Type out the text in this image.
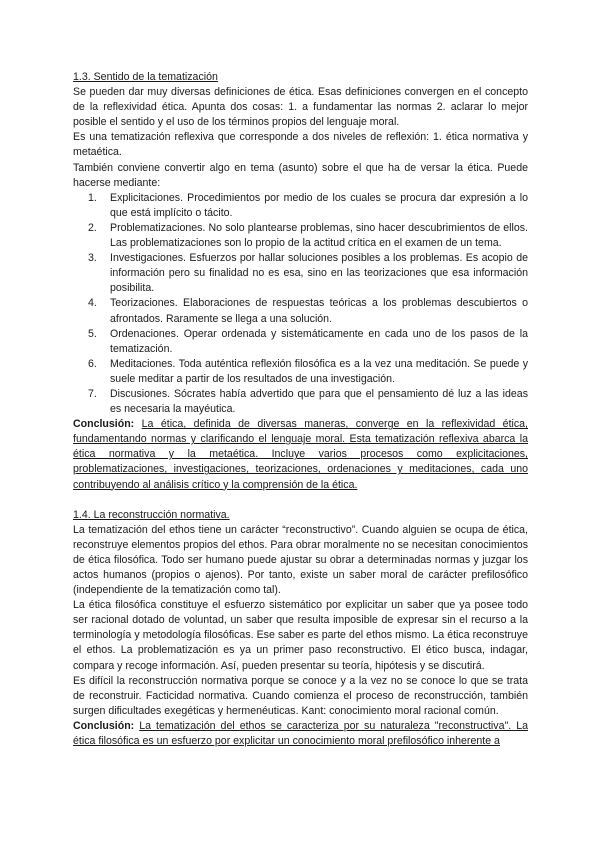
1.3. Sentido de la tematización

Se pueden dar muy diversas definiciones de ética. Esas definiciones convergen en el concepto de la reflexividad ética. Apunta dos cosas: 1. a fundamentar las normas 2. aclarar lo mejor posible el sentido y el uso de los términos propios del lenguaje moral.

Es una tematización reflexiva que corresponde a dos niveles de reflexión: 1. ética normativa y metaética.

También conviene convertir algo en tema (asunto) sobre el que ha de versar la ética. Puede hacerse mediante:

1. Explicitaciones. Procedimientos por medio de los cuales se procura dar expresión a lo que está implícito o tácito.
2. Problematizaciones. No solo plantearse problemas, sino hacer descubrimientos de ellos. Las problematizaciones son lo propio de la actitud crítica en el examen de un tema.
3. Investigaciones. Esfuerzos por hallar soluciones posibles a los problemas. Es acopio de información pero su finalidad no es esa, sino en las teorizaciones que esa información posibilita.
4. Teorizaciones. Elaboraciones de respuestas teóricas a los problemas descubiertos o afrontados. Raramente se llega a una solución.
5. Ordenaciones. Operar ordenada y sistemáticamente en cada uno de los pasos de la tematización.
6. Meditaciones. Toda auténtica reflexión filosófica es a la vez una meditación. Se puede y suele meditar a partir de los resultados de una investigación.
7. Discusiones. Sócrates había advertido que para que el pensamiento dé luz a las ideas es necesaria la mayéutica.

Conclusión: La ética, definida de diversas maneras, converge en la reflexividad ética, fundamentando normas y clarificando el lenguaje moral. Esta tematización reflexiva abarca la ética normativa y la metaética. Incluye varios procesos como explicitaciones, problematizaciones, investigaciones, teorizaciones, ordenaciones y meditaciones, cada uno contribuyendo al análisis crítico y la comprensión de la ética.

1.4. La reconstrucción normativa.

La tematización del ethos tiene un carácter “reconstructivo”. Cuando alguien se ocupa de ética, reconstruye elementos propios del ethos. Para obrar moralmente no se necesitan conocimientos de ética filosófica. Todo ser humano puede ajustar su obrar a determinadas normas y juzgar los actos humanos (propios o ajenos). Por tanto, existe un saber moral de carácter prefilosófico (independiente de la tematización como tal).

La ética filosófica constituye el esfuerzo sistemático por explicitar un saber que ya posee todo ser racional dotado de voluntad, un saber que resulta imposible de expresar sin el recurso a la terminología y metodología filosóficas. Ese saber es parte del ethos mismo. La ética reconstruye el ethos. La problematización es ya un primer paso reconstructivo. El ético busca, indagar, compara y recoge información. Así, pueden presentar su teoría, hipótesis y se discutirá.

Es difícil la reconstrucción normativa porque se conoce y a la vez no se conoce lo que se trata de reconstruir. Facticidad normativa. Cuando comienza el proceso de reconstrucción, también surgen dificultades exegéticas y hermenéuticas. Kant: conocimiento moral racional común.

Conclusión: La tematización del ethos se caracteriza por su naturaleza "reconstructiva". La ética filosófica es un esfuerzo por explicitar un conocimiento moral prefilosófico inherente a
